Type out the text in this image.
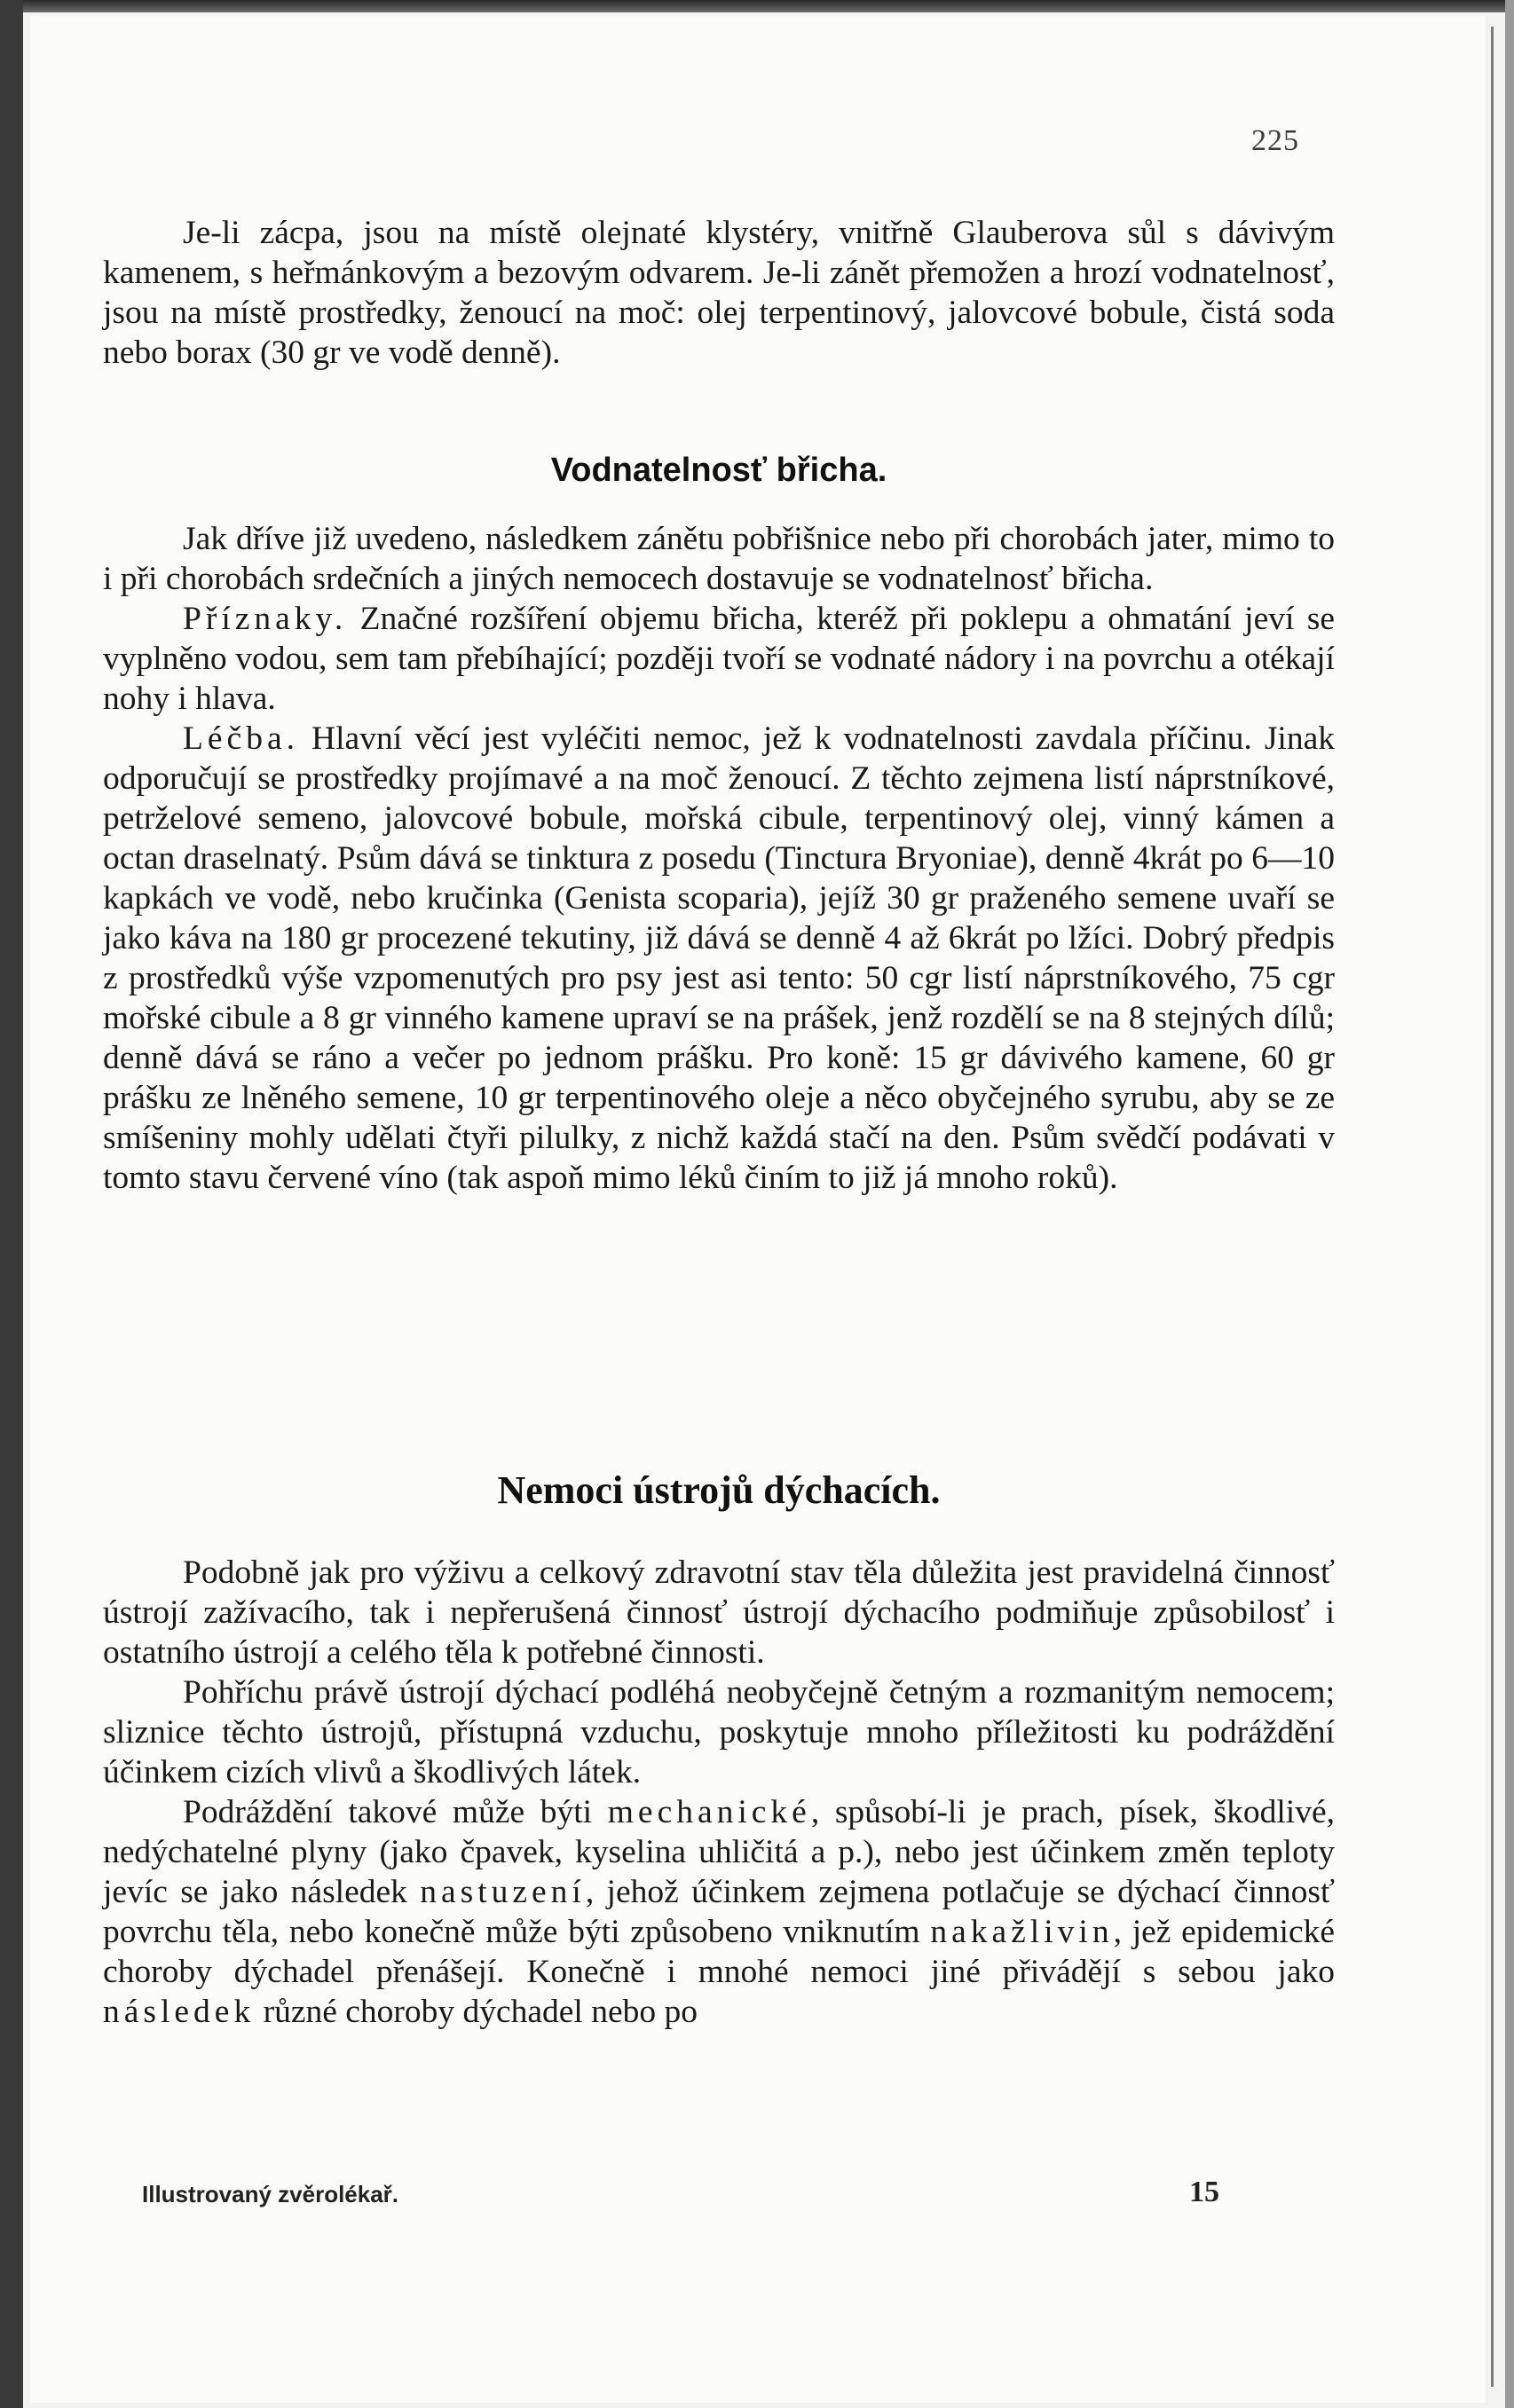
225

Je-li zácpa, jsou na místě olejnaté klystéry, vnitřně Glauberova sůl s dávivým kamenem, s heřmánkovým a bezovým odvarem. Je-li zánět přemožen a hrozí vodnatelnosť, jsou na místě prostředky, ženoucí na moč: olej terpentinový, jalovcové bobule, čistá soda nebo borax (30 gr ve vodě denně).

Vodnatelnosť břicha.

Jak dříve již uvedeno, následkem zánětu pobřišnice nebo při chorobách jater, mimo to i při chorobách srdečních a jiných nemocech dostavuje se vodnatelnosť břicha.

Příznaky. Značné rozšíření objemu břicha, kteréž při poklepu a ohmatání jeví se vyplněno vodou, sem tam přebíhající; později tvoří se vodnaté nádory i na povrchu a otékají nohy i hlava.

Léčba. Hlavní věcí jest vyléčiti nemoc, jež k vodnatelnosti zavdala příčinu. Jinak odporučují se prostředky projímavé a na moč ženoucí. Z těchto zejmena listí náprstníkové, petrželové semeno, jalovcové bobule, mořská cibule, terpentinový olej, vinný kámen a octan draselnatý. Psům dává se tinktura z posedu (Tinctura Bryoniae), denně 4krát po 6—10 kapkách ve vodě, nebo kručinka (Genista scoparia), jejíž 30 gr praženého semene uvaří se jako káva na 180 gr procezené tekutiny, již dává se denně 4 až 6krát po lžíci. Dobrý předpis z prostředků výše vzpomenutých pro psy jest asi tento: 50 cgr listí náprstníkového, 75 cgr mořské cibule a 8 gr vinného kamene upraví se na prášek, jenž rozdělí se na 8 stejných dílů; denně dává se ráno a večer po jednom prášku. Pro koně: 15 gr dávivého kamene, 60 gr prášku ze lněného semene, 10 gr terpentinového oleje a něco obyčejného syrubu, aby se ze smíšeniny mohly udělati čtyři pilulky, z nichž každá stačí na den. Psům svědčí podávati v tomto stavu červené víno (tak aspoň mimo léků činím to již já mnoho roků).

Nemoci ústrojů dýchacích.

Podobně jak pro výživu a celkový zdravotní stav těla důležita jest pravidelná činnosť ústrojí zažívacího, tak i nepřerušená činnosť ústrojí dýchacího podmiňuje způsobilosť i ostatního ústrojí a celého těla k potřebné činnosti.

Pohříchu právě ústrojí dýchací podléhá neobyčejně četným a rozmanitým nemocem; sliznice těchto ústrojů, přístupná vzduchu, poskytuje mnoho příležitosti ku podráždění účinkem cizích vlivů a škodlivých látek.

Podráždění takové může býti mechanické, spůsobí-li je prach, písek, škodlivé, nedýchatelné plyny (jako čpavek, kyselina uhličitá a p.), nebo jest účinkem změn teploty jevíc se jako následek nastuzení, jehož účinkem zejmena potlačuje se dýchací činnosť povrchu těla, nebo konečně může býti způsobeno vniknutím nakažlivin, jež epidemické choroby dýchadel přenášejí. Konečně i mnohé nemoci jiné přivádějí s sebou jako následek různé choroby dýchadel nebo po

Illustrovaný zvěrolékař.	15
